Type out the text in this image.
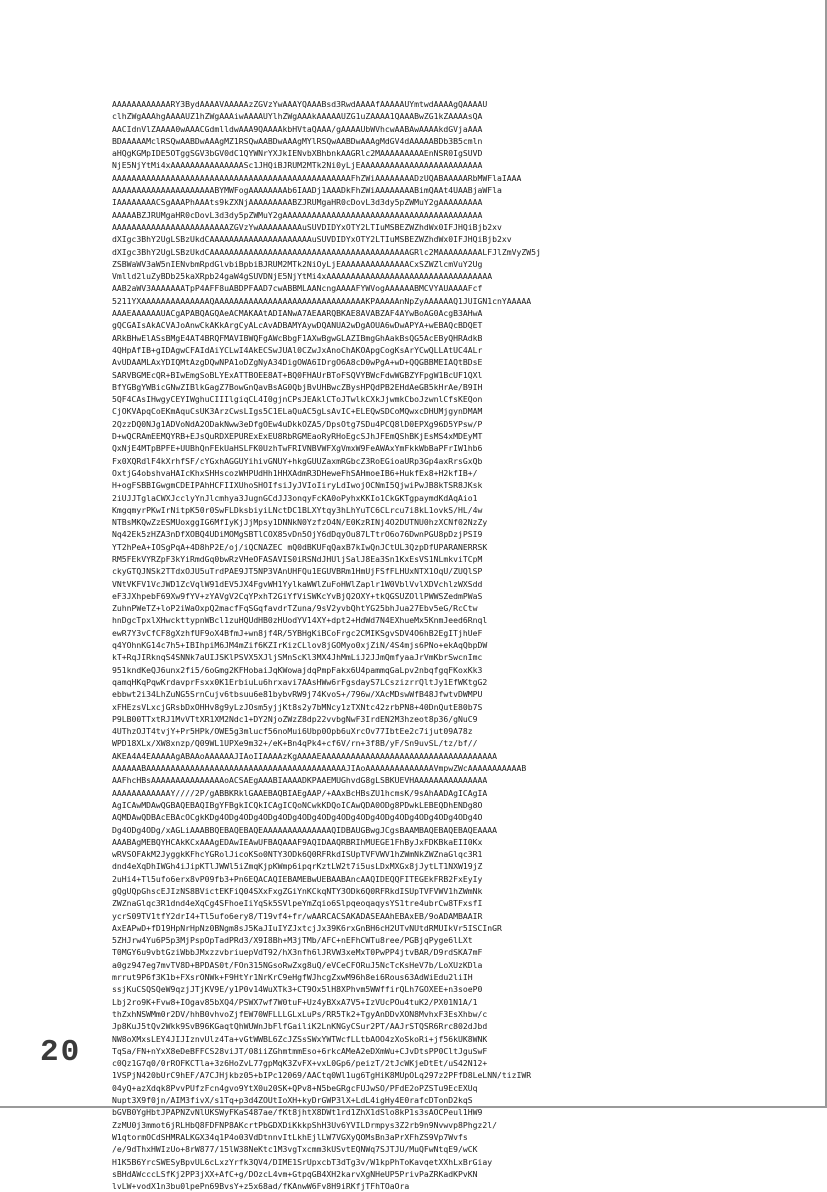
AAAAAAAAAAAARY3BydAAAAVAAAAAzZGVzYwAAAYQAAABsd3RwdAAAAfAAAAAUYmtwdAAAAgQAAAAU
clhZWgAAAhgAAAAUZ1hZWgAAAiwAAAAUYlhZWgAAAkAAAAAUZG1uZAAAA1QAAABwZG1kZAAAAsQA
AACIdnVlZAAAA0wAAACGdmlldwAAA9QAAAAkbHVtaQAAA/gAAAAUbWVhcwAABAwAAAAkdGVjaAAA
BDAAAAAMclRSQwAABDwAAAgMZ1RSQwAABDwAAAgMYlRSQwAABDwAAAgMdGV4dAAAAABDb3B5cmln
aHQgKGMpIDE5OTggSGV3bGV0dC1QYWNrYXJkIENvbXBhbnkAAGRlc2MAAAAAAAAAEnNSR0IgSUVD
NjE5NjYtMi4xAAAAAAAAAAAAAAASc1JHQiBJRUM2MTk2Ni0yLjEAAAAAAAAAAAAAAAAAAAAAAAAA
AAAAAAAAAAAAAAAAAAAAAAAAAAAAAAAAAAAAAAAAAAAAAAAAAFhZWiAAAAAAAADzUQABAAAAARbMWFlaIAAA
AAAAAAAAAAAAAAAAAAAAABYMWFogAAAAAAAAb6IAADj1AAADkFhZWiAAAAAAAABimQAAt4UAABjaWFla
IAAAAAAAACSgAAAPhAAAts9kZXNjAAAAAAAAABZJRUMgaHR0cDovL3d3dy5pZWMuY2gAAAAAAAAA
AAAAABZJRUMgaHR0cDovL3d3dy5pZWMuY2gAAAAAAAAAAAAAAAAAAAAAAAAAAAAAAAAAAAAAAAAA
AAAAAAAAAAAAAAAAAAAAAAAAZGVzYwAAAAAAAAAuSUVDIDYxOTY2LTIuMSBEZWZhdWx0IFJHQiBjb2xv
dXIgc3BhY2UgLSBzUkdCAAAAAAAAAAAAAAAAAAAAAuSUVDIDYxOTY2LTIuMSBEZWZhdWx0IFJHQiBjb2xv
dXIgc3BhY2UgLSBzUkdCAAAAAAAAAAAAAAAAAAAAAAAAAAAAAAAAAAAAAAAAAGRlc2MAAAAAAAAALFJlZmVyZW5j
ZSBWaWV3aW5nIENvbmRpdGlvbiBpbiBJRUM2MTk2NiOyLjEAAAAAAAAAAAAAACxSZWZlcmVuY2Ug
Vmlld2luZyBDb25kaXRpb24gaW4gSUVDNjE5NjYtMi4xAAAAAAAAAAAAAAAAAAAAAAAAAAAAAAAAAA
AAB2aWV3AAAAAAATpP4AFF8uABDPFAAD7cwABBMLAANcngAAAAFYWVogAAAAAABMCVYAUAAAAFcf
5211YXAAAAAAAAAAAAAAQAAAAAAAAAAAAAAAAAAAAAAAAAAAAAAAKPAAAAAnNpZyAAAAAAQ1JUIGN1cnYAAAAA
AAAEAAAAAAUACgAPABQAGQAeACMAKAAtADIANwA7AEAARQBKAE8AVABZAF4AYwBoAG0AcgB3AHwA
gQCGAIsAkACVAJoAnwCkAKkArgCyALcAvADBAMYAywDQANUA2wDgAOUA6wDwAPYA+wEBAQcBDQET
ARkBHwElASsBMgE4AT4BRQFMAVIBWQFgAWcBbgF1AXwBgwGLAZIBmgGhAakBsQG5AcEByQHRAdkB
4QHpAfIB+gIDAgwCFAIdAiYCLwI4AkECSwJUAl0CZwJxAnoChAKOApgCogKsArYCwQLLAtUC4ALr
AvUDAAMLAxYDIQMtAzgDQwNPA1oDZgNyA34DigOWA6IDrgO6A8cD0wPgA+wD+QQGBBMEIAQtBDsE
SARVBGMEcQR+BIwEmgSoBLYExATTBOEE8AT+BQ0FHAUrBToFSQVYBWcFdwWGBZYFpgW1BcUF1QXl
BfYGBgYWBicGNwZIBlkGagZ7BowGnQavBsAG0QbjBvUHBwcZBysHPQdPB2EHdAeGB5kHrAe/B9IH
5QF4CAsIHwgyCEYIWghuCIIIlgiqCL4I0gjnCPsJEAklCToJTwlkCXkJjwmkCboJzwnlCfsKEQon
CjOKVApqCoEKmAquCsUK3ArzCwsLIgs5C1ELaQuAC5gLsAvIC+ELEQwSDCoMQwxcDHUMjgynDMAM
2QzzDQ0NJg1ADVoNdA2ODakNww3eDfgOEw4uDkkOZA5/DpsOtg7SDu4PCQ8lD0EPXg96D5YPsw/P
D+wQCRAmEEMQYRB+EJsQuRDXEPURExExEU8RbRGMEaoRyRHoEgcSJhJFEmQShBKjEsMS4xMDEyMT
QxNjE4MTpBPFE+UUBhQnFEkUaHSLFK0UzhTwFRIVNBVWFXgVmxW9FeAWAxYmFkkWbBaPFrIW1hb6
Fx0XQRdlF4kXrhfSF/cYGxhAGGUYihivGNUY+hkgGUUZaxmRGbcZ3RoEGioaURp3Gp4axRrsGxQb
OxtjG4obshvaHAIcKhxSHHscozWHPUdHh1HHXAdmR3DHeweFhSAHmoeIB6+HukfEx8+H2kfIB+/
H+ogFSBBIGwgmCDEIPAhHCFIIXUhoSHOIfsiJyJVIoIiryLdIwojOCNmI5QjwiPwJB8kTSR8JKsk
2iUJJTglaCWXJcclyYnJlcmhya3JugnGCdJJ3onqyFcKA0oPyhxKKIo1CkGKTgpaymdKdAqAio1
KmgqmyrPKwIrNitpK50r0SwFLDksbiyiLNctDC1BLXYtqy3hLhYuTC6CLrcu7i8kL1ovkS/HL/4w
NTBsMKQwZzESMUoxggIG6MfIyKjJjMpsy1DNNkN0YzfzO4N/E0KzRINj4O2DUTNU0hzXCNf02NzZy
Nq42Ek5zHZA3nDfXOBQ4UDiMOMgSBTlCOX85vDn5OjY6dDqyOu87LTtrO6o76DwnPGU8pDzjPSI9
YT2hPeA+IOSgPqA+4D8hP2E/oj/iQCNAZEC mQ0dBKUFqQaxB7kIwQnJCtUL3QzpDfUPARANERRSK
RM5FEkVYRZpF3kYiRmdGq0bwRzVHeOFASAVIS0iRSNdJHUljSalJ8Ea3Sn1KxEsVS1NLmkviTCpM
ckyGTQJNSk2TTdxOJU5uTrdPAE9JT5NP3VAnUHFQu1EGUVBRm1HmUjFSfFLHUxNTX1OqU/ZUQlSP
VNtVKFV1VcJWD1ZcVqlW91dEV5JX4FgvWH1YylkaWWlZuFoHWlZaplr1W0VblVvlXDVchlzWXSdd
eF3JXhpebF69Xw9fYV+zYAVgV2CqYPxhT2GiYfViSWKcYvBjQ2OXY+tkQGSUZOllPWWSZedmPWaS
ZuhnPWeTZ+loP2iWaOxpQ2macfFqSGqfavdrTZuna/9sV2yvbQhtYG25bhJua27Ebv5eG/RcCtw
hnDgcTpxlXHwckttypnWBcl1zuHQUdHB0zHUodYV14XY+dpt2+HdWd7N4EXhueMx5KnmJeed6Rnql
ewR7Y3vCfCF8gXzhfUF9oX4BfmJ+wn8jf4R/5YBHgKiBCoFrgc2CMIKSgvSDV4O6hB2EgITjhUeF
q4YOhnKG14c7h5+IBIhpiM6JM4mZif6KZIrKizCLlov8jGOMyo0xjZiN/4S4mjs6PNo+ekAqQbpDW
kT+RqJIRknqS4SNNk7aUIJSKlPSVX5XJljSMnScKl3MX4JhMmLiJ2JJmQmfyaaJrVmKbrSwcnImc
951kndKeQJ6unx2fi5/6oGmg2KFHobaiJqKWowajdqPmpFakx6U4pammqGaLpv2nbqfgqFKoxKk3
qamqHKqPqwKrdavprFsxx0K1ErbiuLu6hrxavi7AAsHWw6rFgsdayS7LCszizrrQltJy1EfWKtgG2
ebbwt2i34LhZuNG5SrnCujv6tbsuu6e81bybvRW9j74KvoS+/796w/XAcMDswWfB48JfwtvDWMPU
xFHEzsVLxcjGRsbDxOHHv8g9yLzJOsm5yjjKt8s2y7bMNcy1zTXNtc42zrbPN8+40DnQutE80b7S
P9LB00TTxtRJ1MvVTtXR1XM2Ndc1+DY2NjoZWzZ8dp22vvbgNwF3IrdEN2M3hzeot8p36/gNuC9
4UThzOJT4tvjY+Pr5HPk/OWE5g3mlucf56noMui6Ubp0Opb6uXrcOv77IbtEe2c7ijut09A78z
WPD18XLx/XW8xnzp/Q09WL1UPXe9m32+/eK+Bn4qPk4+cf6V/rn+3f8B/yF/Sn9uvSL/tz/bf//
AKEA4A4EAAAAAgABAAoAAAAAAJIAoIIAAAAzKgAAAAEAAAAAAAAAAAAAAAAAAAAAAAAAAAAAAAAAAAA
AAAAAABAAAAAAAAAAAAAAAAAAAAAAAAAAAAAAAAAAAAAAAAAJIAoAAAAAAAAAAAAAAVmpwZWcAAAAAAAAAAAB
AAFhcHBsAAAAAAAAAAAAAAAoACSAEgAAABIAAAADKPAAEMUGhvdG8gLSBKUEVHAAAAAAAAAAAAAAA
AAAAAAAAAAAAY////2P/gABBKRklGAAEBAQBIAEgAAP/+AAxBcHBsZU1hcmsK/9sAhAADAgICAgIA
AgICAwMDAwQGBAQEBAQIBgYFBgkICQkICAgICQoNCwkKDQoICAwQDA0ODg8PDwkLEBEQDhENDg8O
AQMDAwQDBAcEBAcOCgkKDg4ODg4ODg4ODg4ODg4ODg4ODg4ODg4ODg4ODg4ODg4ODg4ODg4ODg4O
Dg4ODg4ODg/xAGLiAAABBQEBAQEBAQEAAAAAAAAAAAAAAQIDBAUGBwgJCgsBAAMBAQEBAQEBAQEAAAA
AAABAgMEBQYHCAkKCxAAAgEDAwIEAwUFBAQAAAF9AQIDAAQRBRIhMUEGE1FhByJxFDKBkaEII0Kx
wRVSOFAkM2JyggkKFhcYGRolJicoKSo0NTY3ODk6Q0RFRkdISUpTVFVWV1hZWmNkZWZnaGlqc3R1
dnd4eXqDhIWGh4iJipKTlJWWl5iZmqKjpKWmp6ipqrKztLW2t7i5usLDxMXGx8jJytLT1NXW19jZ
2uHi4+Tl5ufo6erx8vP09fb3+Pn6EQACAQIEBAMEBwUEBAABAncAAQIDEQQFITEGEkFRB2FxEyIy
gQgUQpGhscEJIzNS8BVictEKFiQ04SXxFxgZGiYnKCkqNTY3ODk6Q0RFRkdISUpTVFVWV1hZWmNk
ZWZnaGlqc3R1dnd4eXqCg4SFhoeIiYqSk5SVlpeYmZqio6SlpqeoqaqysYS1tre4ubrCw8TFxsfI
ycrS09TV1tfY2drI4+Tl5ufo6ery8/T19vf4+fr/wAARCACSAKADASEAAhEBAxEB/9oADAMBAAIR
AxEAPwD+fD19HpNrHpNz0BNgm8sJ5KaJIuIYZJxtcjJx39K6rxGnBH6cH2UTvNUtdRMUIkVr5ISCInGR
5ZHJrw4Yu6P5p3MjPspOpTadPRd3/X9I8Bh+M3jTMb/AFC+nEFhCWTu8ree/PGBjqPyge6lLXt
T0MGY6u9vbtGziWbbJMxzzvbriuepVdT92/hX3nfh6lJRVW3xeMxT0PwPP4jtvBAR/D9rdSKA7mF
a0gz947eg7mvTV8D+BPDAS0t/FOn315NGsoRwZxg8uQ/eVCeCFORuJ5NcTcKsHeV7b/LoXUzKDla
mrrut9P6f3K1b+FXsrONWk+F9HtYr1NrKrC9eHgfWJhcgZxwM96h8ei6Rous63AdWiEdu2liIH
ssjKuCSQSQeW9qzjJTjKV9E/y1P0v14WuXTk3+CT9Ox5lH8XPhvm5WWffirQLh7GOXEE+n3soeP0
Lbj2ro9K+Fvw8+IOgav85bXQ4/PSWX7wf7W0tuF+Uz4yBXxA7V5+IzVUcPOu4tuK2/PX01N1A/1
thZxhNSWMm0r2DV/hhB0vhvoZjfEW70WFLLLGLxLuPs/RR5Tk2+TgyAnDDvXON8MvhxF3EsXhbw/c
Jp8KuJ5tQv2Wkk9SvB96KGaqtQhWUWnJbFlfGailiK2LnKNGyCSur2PT/AAJrSTQSR6Rrc802dJbd
NW8oXMxsLEY4JIJIznvUlz4Ta+vGtWWBL6ZcJZSsSWxYWTWcfLLtbAOO4zXoSkoRi+jf56kUK8WNK
TqSa/FN+nYxX8eDeBFFCS28viJT/08iiZGhmtmmEso+6rkcAMeA2eDXmWu+CJvDtsPP0CltJguSwF
c0Qz1G7q0/0rROFKCTla+3z6HoZvL77gpMqK3ZvFX+vxL0Gp6/peizT/2tJcWKjeDtEt/uS42N12+
1VSPjN420bUrC9hEF/A7CJHjkbz05+bIPc12069/AACtq0Wl1ug6TgHiK8MUpOLq297z2PFfD8LeLNN/tizIWR
04yQ+azXdqk8PvvPUfzFcn4gvo9YtX0u20SK+QPv8+N5beGRgcFUJwSO/PFdE2oPZSTu9EcEXUq
Nupt3X9f0jn/AIM3fivX/s1Tq+p3d4ZOUtIoXH+kyDrGWP3lX+LdL4igHy4E0rafcDTonD2kqS
bGVB0YgHbtJPAPNZvNlUKSWyFKaS487ae/fKt8jhtX8DWt1rd1ZhX1dSlo8kP1s3sAOCPeul1HW9
ZzMU0j3mmot6jRLHbQ8FDFNP8AKcrtPbGDXDiKkkpShH3Uv6YVILDrmpys3Z2rb9n9Nvwvp8Phgz2l/
W1qtormOCdSHMRALKGX34q1P4o03VdDtnnvItLkhEjlLW7VGXyQOMsBn3aPrXFhZS9Vp7Wvfs
/e/9dThxHWIzUo+8rW877/15lW38NeKtc1M3vgTxcmm3kUSvtEQNWq7SJTJU/MuQFwNtqE9/wCK
H1K5B6YrcSWESyBpvUL6cLxzYrfk3QV4/DIME1SrUpxcbT3dTg3v/W1kpPhToKavqetXXhLxBrGiay
sBHdAWcccLSfKj2PP3jXX+AfC+g/DOzcL4vm+GtpqGB4XH2karvXgNHeUP5PrivPaZRKadKPvKN
lvLW+vodX1n3bu0lpePn69BvsY+z5x68ad/fKAnwW6Fv8H9iRKfjTFhTOaOra
20
